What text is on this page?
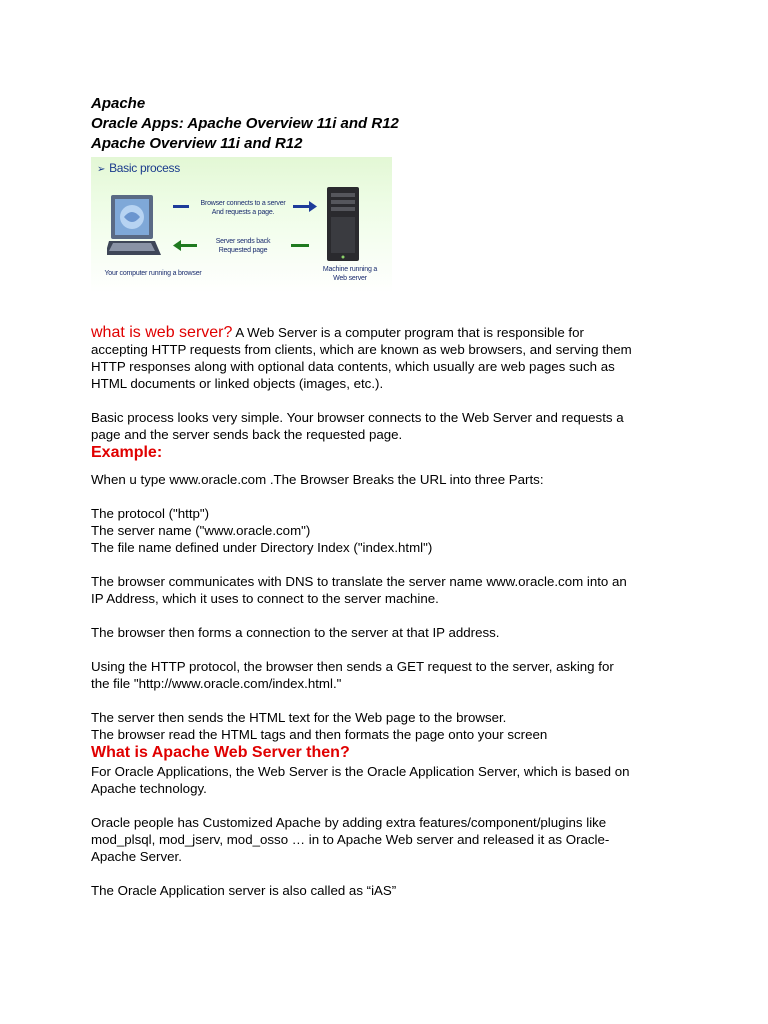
Apache

Oracle Apps: Apache Overview 11i and R12

Apache Overview 11i and R12

➢ Basic process
Browser connects to a server
And requests a page.
Server sends back
Requested page
Your computer running a browser
Machine running a
Web server

what is web server? A Web Server is a computer program that is responsible for

accepting HTTP requests from clients, which are known as web browsers, and serving them

HTTP responses along with optional data contents, which usually are web pages such as

HTML documents or linked objects (images, etc.).

Basic process looks very simple. Your browser connects to the Web Server and requests a

page and the server sends back the requested page.

Example:

When u type www.oracle.com .The Browser Breaks the URL into three Parts:

The protocol ("http")

The server name ("www.oracle.com")

The file name defined under Directory Index ("index.html")

The browser communicates with DNS to translate the server name www.oracle.com into an

IP Address, which it uses to connect to the server machine.

The browser then forms a connection to the server at that IP address.

Using the HTTP protocol, the browser then sends a GET request to the server, asking for

the file "http://www.oracle.com/index.html."

The server then sends the HTML text for the Web page to the browser.

The browser read the HTML tags and then formats the page onto your screen

What is Apache Web Server then?

For Oracle Applications, the Web Server is the Oracle Application Server, which is based on

Apache technology.

Oracle people has Customized Apache by adding extra features/component/plugins like

mod_plsql, mod_jserv, mod_osso … in to Apache Web server and released it as Oracle-

Apache Server.

The Oracle Application server is also called as “iAS”
